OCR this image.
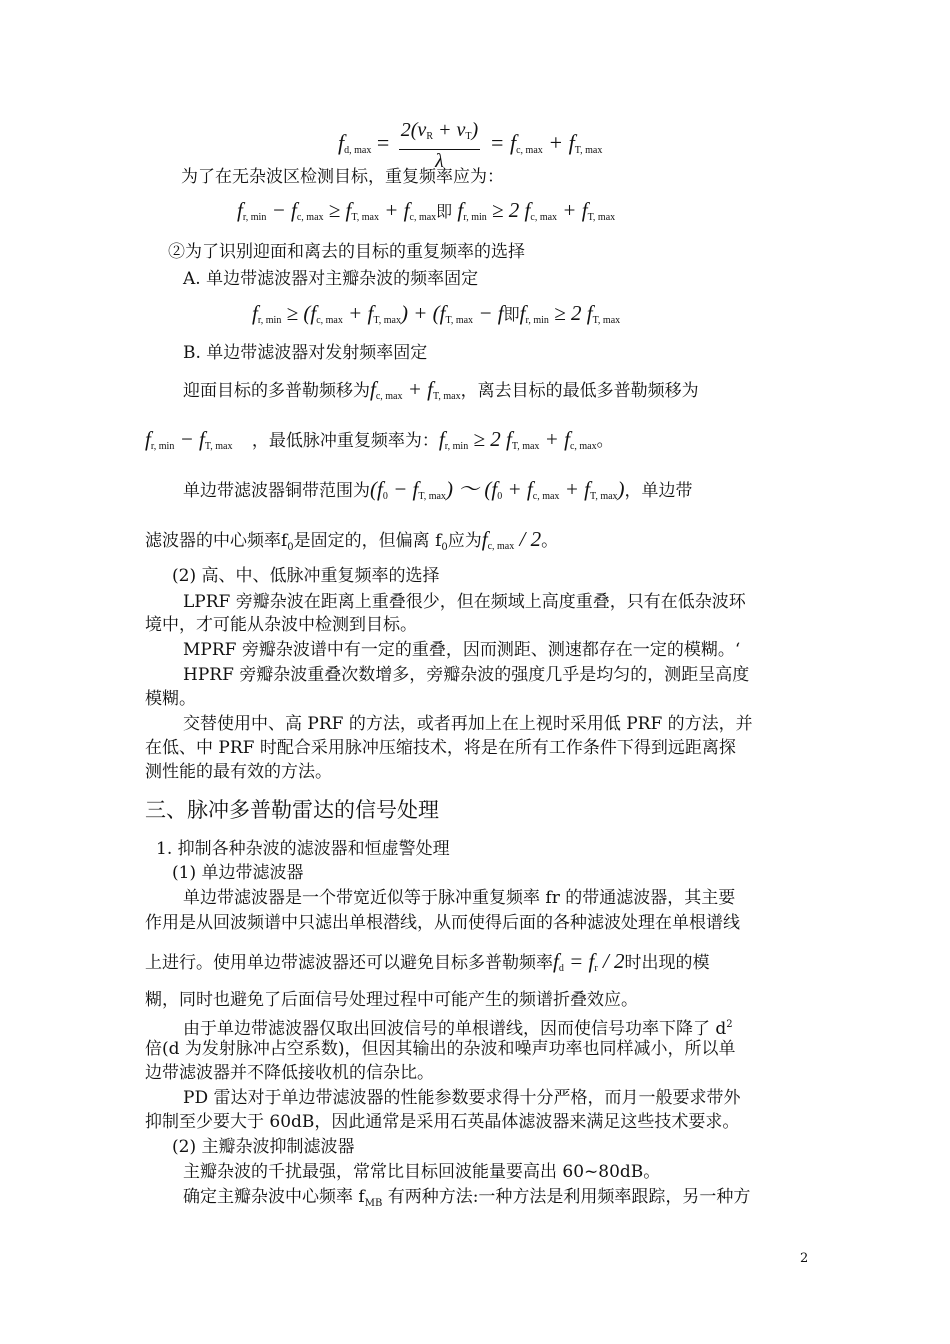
fd, $\max = \frac{2(vR + vT)}{\lambda}$ = fc, max + fT, max
为了在无杂波区检测目标，重复频率应为：
fr, min − fc, max ≥ fT, max + fc, max即 fr, min ≥ 2 fc, max + fT, max
②为了识别迎面和离去的目标的重复频率的选择
A. 单边带滤波器对主瓣杂波的频率固定
fr, min ≥ (fc, max + fT, max) + (fT, max − f即fr, min ≥ 2 fT, max
B. 单边带滤波器对发射频率固定
迎面目标的多普勒频移为fc, max + fT, max，离去目标的最低多普勒频移为
fr, min − fT, max ，最低脉冲重复频率为：fr, min ≥ 2 fT, max + fc, max。
单边带滤波器铜带范围为(f0 − fT, max) ～ (f0 + fc, max + fT, max)，单边带
滤波器的中心频率$f_0$是固定的，但偏离 $f_0$应为fc, max / 2。
(2) 高、中、低脉冲重复频率的选择
LPRF 旁瓣杂波在距离上重叠很少，但在频域上高度重叠，只有在低杂波环
境中，才可能从杂波中检测到目标。
MPRF 旁瓣杂波谱中有一定的重叠，因而测距、测速都存在一定的模糊。‘
HPRF 旁瓣杂波重叠次数增多，旁瓣杂波的强度几乎是均匀的，测距呈高度
模糊。
交替使用中、高 PRF 的方法，或者再加上在上视时采用低 PRF 的方法，并
在低、中 PRF 时配合采用脉冲压缩技术，将是在所有工作条件下得到远距离探
测性能的最有效的方法。
三、脉冲多普勒雷达的信号处理
1. 抑制各种杂波的滤波器和恒虚警处理
(1) 单边带滤波器
单边带滤波器是一个带宽近似等于脉冲重复频率 fr 的带通滤波器，其主要
作用是从回波频谱中只滤出单根潜线，从而使得后面的各种滤波处理在单根谱线
上进行。使用单边带滤波器还可以避免目标多普勒频率fd = fr / 2时出现的模
糊，同时也避免了后面信号处理过程中可能产生的频谱折叠效应。
由于单边带滤波器仅取出回波信号的单根谱线，因而使信号功率下降了 $d^2$
倍(d 为发射脉冲占空系数)，但因其输出的杂波和噪声功率也同样减小，所以单
边带滤波器并不降低接收机的信杂比。
PD 雷达对于单边带滤波器的性能参数要求得十分严格，而月一般要求带外
抑制至少要大于 60dB，因此通常是采用石英晶体滤波器来满足这些技术要求。
(2) 主瓣杂波抑制滤波器
主瓣杂波的千扰最强，常常比目标回波能量要高出 60~80dB。
确定主瓣杂波中心频率 $f_{MB}$ 有两种方法:一种方法是利用频率跟踪，另一种方
2
